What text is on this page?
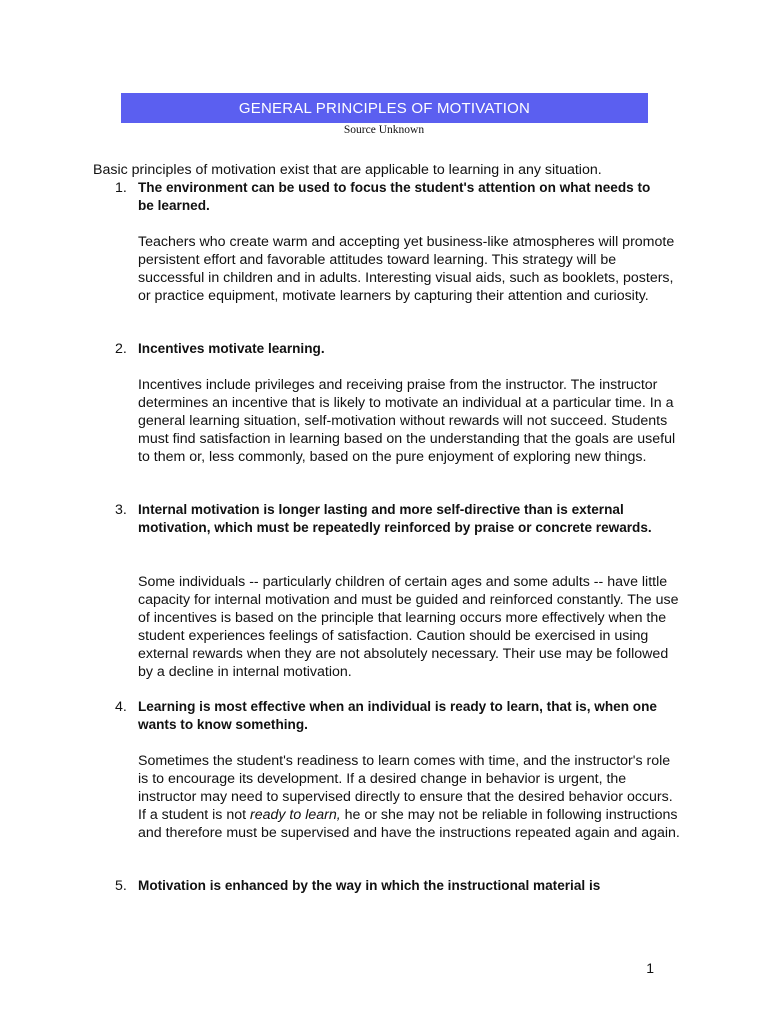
GENERAL PRINCIPLES OF MOTIVATION
Source Unknown
Basic principles of motivation exist that are applicable to learning in any situation.
1. The environment can be used to focus the student's attention on what needs to be learned.
Teachers who create warm and accepting yet business-like atmospheres will promote persistent effort and favorable attitudes toward learning. This strategy will be successful in children and in adults. Interesting visual aids, such as booklets, posters, or practice equipment, motivate learners by capturing their attention and curiosity.
2. Incentives motivate learning.
Incentives include privileges and receiving praise from the instructor. The instructor determines an incentive that is likely to motivate an individual at a particular time. In a general learning situation, self-motivation without rewards will not succeed. Students must find satisfaction in learning based on the understanding that the goals are useful to them or, less commonly, based on the pure enjoyment of exploring new things.
3. Internal motivation is longer lasting and more self-directive than is external motivation, which must be repeatedly reinforced by praise or concrete rewards.
Some individuals -- particularly children of certain ages and some adults -- have little capacity for internal motivation and must be guided and reinforced constantly. The use of incentives is based on the principle that learning occurs more effectively when the student experiences feelings of satisfaction. Caution should be exercised in using external rewards when they are not absolutely necessary. Their use may be followed by a decline in internal motivation.
4. Learning is most effective when an individual is ready to learn, that is, when one wants to know something.
Sometimes the student's readiness to learn comes with time, and the instructor's role is to encourage its development. If a desired change in behavior is urgent, the instructor may need to supervised directly to ensure that the desired behavior occurs. If a student is not ready to learn, he or she may not be reliable in following instructions and therefore must be supervised and have the instructions repeated again and again.
5. Motivation is enhanced by the way in which the instructional material is
1
